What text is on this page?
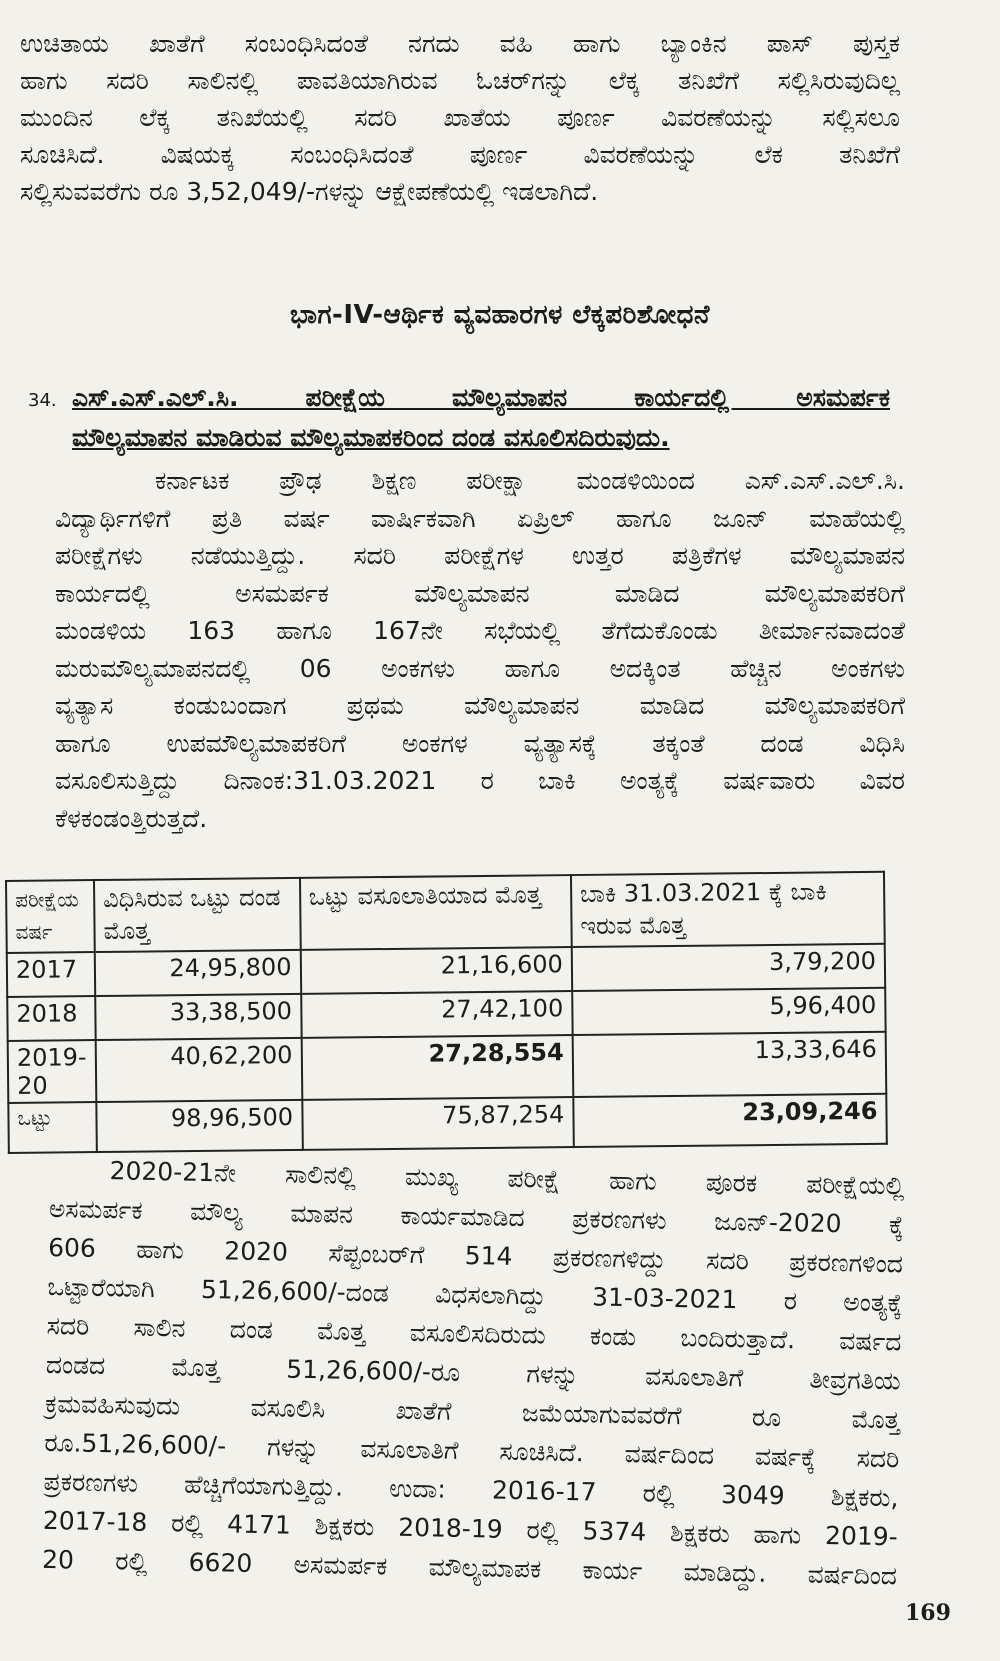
ಉಚಿತಾಯ ಖಾತೆಗೆ ಸಂಬಂಧಿಸಿದಂತೆ ನಗದು ವಹಿ ಹಾಗು ಬ್ಯಾಂಕಿನ ಪಾಸ್ ಪುಸ್ತಕ
ಹಾಗು ಸದರಿ ಸಾಲಿನಲ್ಲಿ ಪಾವತಿಯಾಗಿರುವ ಓಚರ್‌ಗನ್ನು ಲೆಕ್ಕ ತನಿಖೆಗೆ ಸಲ್ಲಿಸಿರುವುದಿಲ್ಲ
ಮುಂದಿನ ಲೆಕ್ಕ ತನಿಖೆಯಲ್ಲಿ ಸದರಿ ಖಾತೆಯ ಪೂರ್ಣ ವಿವರಣೆಯನ್ನು ಸಲ್ಲಿಸಲೂ
ಸೂಚಿಸಿದೆ. ವಿಷಯಕ್ಕ ಸಂಬಂಧಿಸಿದಂತೆ ಪೂರ್ಣ ವಿವರಣೆಯನ್ನು ಲೆಕ ತನಿಖೆಗೆ
ಸಲ್ಲಿಸುವವರೆಗು ರೂ 3,52,049/-ಗಳನ್ನು ಆಕ್ಷೇಪಣೆಯಲ್ಲಿ ಇಡಲಾಗಿದೆ.
ಭಾಗ-IV-ಆರ್ಥಿಕ ವ್ಯವಹಾರಗಳ ಲೆಕ್ಕಪರಿಶೋಧನೆ
34. ಎಸ್.ಎಸ್.ಎಲ್.ಸಿ. ಪರೀಕ್ಷೆಯ ಮೌಲ್ಯಮಾಪನ ಕಾರ್ಯದಲ್ಲಿ ಅಸಮರ್ಪಕ
ಮೌಲ್ಯಮಾಪನ ಮಾಡಿರುವ ಮೌಲ್ಯಮಾಪಕರಿಂದ ದಂಡ ವಸೂಲಿಸದಿರುವುದು.
ಕರ್ನಾಟಕ ಪ್ರೌಢ ಶಿಕ್ಷಣ ಪರೀಕ್ಷಾ ಮಂಡಳಿಯಿಂದ ಎಸ್.ಎಸ್.ಎಲ್.ಸಿ.
ವಿದ್ಯಾರ್ಥಿಗಳಿಗೆ ಪ್ರತಿ ವರ್ಷ ವಾರ್ಷಿಕವಾಗಿ ಏಪ್ರಿಲ್ ಹಾಗೂ ಜೂನ್ ಮಾಹೆಯಲ್ಲಿ
ಪರೀಕ್ಷೆಗಳು ನಡೆಯುತ್ತಿದ್ದು. ಸದರಿ ಪರೀಕ್ಷೆಗಳ ಉತ್ತರ ಪತ್ರಿಕೆಗಳ ಮೌಲ್ಯಮಾಪನ
ಕಾರ್ಯದಲ್ಲಿ ಅಸಮರ್ಪಕ ಮೌಲ್ಯಮಾಪನ ಮಾಡಿದ ಮೌಲ್ಯಮಾಪಕರಿಗೆ
ಮಂಡಳಿಯ 163 ಹಾಗೂ 167ನೇ ಸಭೆಯಲ್ಲಿ ತೆಗೆದುಕೊಂಡು ತೀರ್ಮಾನವಾದಂತೆ
ಮರುಮೌಲ್ಯಮಾಪನದಲ್ಲಿ 06 ಅಂಕಗಳು ಹಾಗೂ ಅದಕ್ಕಿಂತ ಹೆಚ್ಚಿನ ಅಂಕಗಳು
ವ್ಯತ್ಯಾಸ ಕಂಡುಬಂದಾಗ ಪ್ರಥಮ ಮೌಲ್ಯಮಾಪನ ಮಾಡಿದ ಮೌಲ್ಯಮಾಪಕರಿಗೆ
ಹಾಗೂ ಉಪಮೌಲ್ಯಮಾಪಕರಿಗೆ ಅಂಕಗಳ ವ್ಯತ್ಯಾಸಕ್ಕೆ ತಕ್ಕಂತೆ ದಂಡ ವಿಧಿಸಿ
ವಸೂಲಿಸುತ್ತಿದ್ದು ದಿನಾಂಕ:31.03.2021 ರ ಬಾಕಿ ಅಂತ್ಯಕ್ಕೆ ವರ್ಷವಾರು ವಿವರ
ಕೆಳಕಂಡಂತ್ತಿರುತ್ತದೆ.
ಪರೀಕ್ಷೆಯ ವರ್ಷ	ವಿಧಿಸಿರುವ ಒಟ್ಟು ದಂಡ ಮೊತ್ತ	ಒಟ್ಟು ವಸೂಲಾತಿಯಾದ ಮೊತ್ತ	ಬಾಕಿ 31.03.2021 ಕ್ಕೆ ಬಾಕಿ ಇರುವ ಮೊತ್ತ
2017	24,95,800	21,16,600	3,79,200
2018	33,38,500	27,42,100	5,96,400
2019-20	40,62,200	27,28,554	13,33,646
ಒಟ್ಟು	98,96,500	75,87,254	23,09,246
2020-21ನೇ ಸಾಲಿನಲ್ಲಿ ಮುಖ್ಯ ಪರೀಕ್ಷೆ ಹಾಗು ಪೂರಕ ಪರೀಕ್ಷೆಯಲ್ಲಿ
ಅಸಮರ್ಪಕ ಮೌಲ್ಯ ಮಾಪನ ಕಾರ್ಯಮಾಡಿದ ಪ್ರಕರಣಗಳು ಜೂನ್-2020 ಕ್ಕೆ
606 ಹಾಗು 2020 ಸೆಪ್ಟಂಬರ್‌ಗೆ 514 ಪ್ರಕರಣಗಳಿದ್ದು ಸದರಿ ಪ್ರಕರಣಗಳಿಂದ
ಒಟ್ಟಾರೆಯಾಗಿ 51,26,600/-ದಂಡ ವಿಧಸಲಾಗಿದ್ದು 31-03-2021 ರ ಅಂತ್ಯಕ್ಕೆ
ಸದರಿ ಸಾಲಿನ ದಂಡ ಮೊತ್ತ ವಸೂಲಿಸದಿರುದು ಕಂಡು ಬಂದಿರುತ್ತಾದೆ. ವರ್ಷದ
ದಂಡದ ಮೊತ್ತ 51,26,600/-ರೂ ಗಳನ್ನು ವಸೂಲಾತಿಗೆ ತೀವ್ರಗತಿಯ
ಕ್ರಮವಹಿಸುವುದು ವಸೂಲಿಸಿ ಖಾತೆಗೆ ಜಮೆಯಾಗುವವರೆಗೆ ರೂ ಮೊತ್ತ
ರೂ.51,26,600/- ಗಳನ್ನು ವಸೂಲಾತಿಗೆ ಸೂಚಿಸಿದೆ. ವರ್ಷದಿಂದ ವರ್ಷಕ್ಕೆ ಸದರಿ
ಪ್ರಕರಣಗಳು ಹೆಚ್ಚಿಗೆಯಾಗುತ್ತಿದ್ದು. ಉದಾ: 2016-17 ರಲ್ಲಿ 3049 ಶಿಕ್ಷಕರು,
2017-18 ರಲ್ಲಿ 4171 ಶಿಕ್ಷಕರು 2018-19 ರಲ್ಲಿ 5374 ಶಿಕ್ಷಕರು ಹಾಗು 2019-
20 ರಲ್ಲಿ 6620 ಅಸಮರ್ಪಕ ಮೌಲ್ಯಮಾಪಕ ಕಾರ್ಯ ಮಾಡಿದ್ದು. ವರ್ಷದಿಂದ
169
